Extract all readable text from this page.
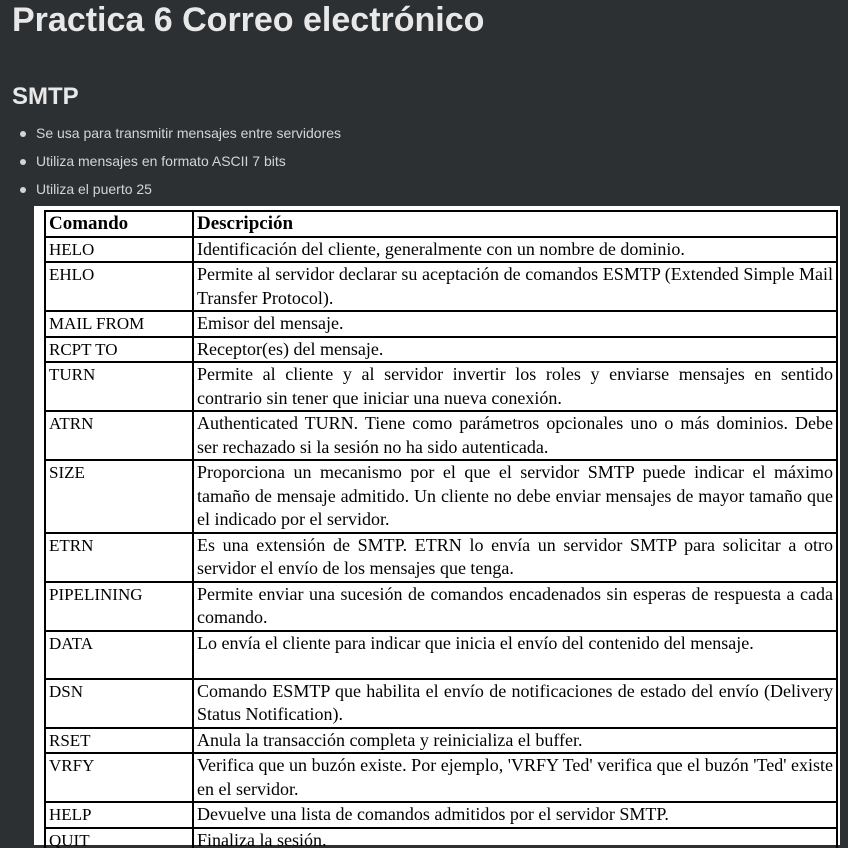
Practica 6 Correo electrónico
SMTP
Se usa para transmitir mensajes entre servidores
Utiliza mensajes en formato ASCII 7 bits
Utiliza el puerto 25
Comando	Descripción
HELO	Identificación del cliente, generalmente con un nombre de dominio.
EHLO	Permite al servidor declarar su aceptación de comandos ESMTP (Extended Simple Mail Transfer Protocol).
MAIL FROM	Emisor del mensaje.
RCPT TO	Receptor(es) del mensaje.
TURN	Permite al cliente y al servidor invertir los roles y enviarse mensajes en sentido contrario sin tener que iniciar una nueva conexión.
ATRN	Authenticated TURN. Tiene como parámetros opcionales uno o más dominios. Debe ser rechazado si la sesión no ha sido autenticada.
SIZE	Proporciona un mecanismo por el que el servidor SMTP puede indicar el máximo tamaño de mensaje admitido. Un cliente no debe enviar mensajes de mayor tamaño que el indicado por el servidor.
ETRN	Es una extensión de SMTP. ETRN lo envía un servidor SMTP para solicitar a otro servidor el envío de los mensajes que tenga.
PIPELINING	Permite enviar una sucesión de comandos encadenados sin esperas de respuesta a cada comando.
DATA	Lo envía el cliente para indicar que inicia el envío del contenido del mensaje.
DSN	Comando ESMTP que habilita el envío de notificaciones de estado del envío (Delivery Status Notification).
RSET	Anula la transacción completa y reinicializa el buffer.
VRFY	Verifica que un buzón existe. Por ejemplo, 'VRFY Ted' verifica que el buzón 'Ted' existe en el servidor.
HELP	Devuelve una lista de comandos admitidos por el servidor SMTP.
QUIT	Finaliza la sesión.
